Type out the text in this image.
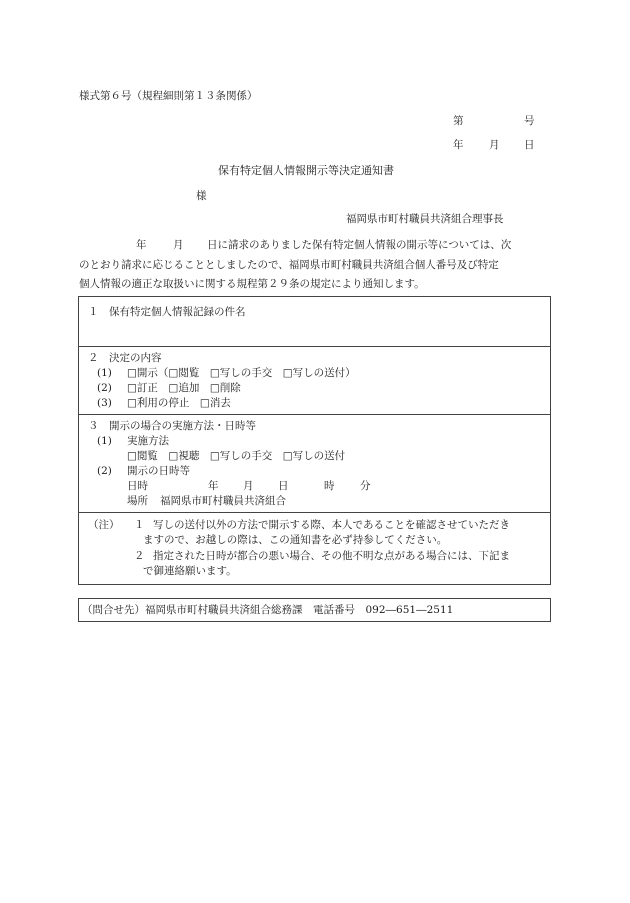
様式第６号（規程細則第１３条関係）
第	号
年 月 日
保有特定個人情報開示等決定通知書
様
福岡県市町村職員共済組合理事長
年	月 日に請求のありました保有特定個人情報の開示等については、次
のとおり請求に応じることとしましたので、福岡県市町村職員共済組合個人番号及び特定
個人情報の適正な取扱いに関する規程第２９条の規定により通知します。
１　保有特定個人情報記録の件名
２　決定の内容
(1) □開示（□閲覧　□写しの手交　□写しの送付）
(2) □訂正　□追加　□削除
(3) □利用の停止　□消去
３　開示の場合の実施方法・日時等
(1) 実施方法
□閲覧　□視聴　□写しの手交　□写しの送付
(2) 開示の日時等
日時	年 月 日	時 分
場所 福岡県市町村職員共済組合
（注） １ 写しの送付以外の方法で開示する際、本人であることを確認させていただき
ますので、お越しの際は、この通知書を必ず持参してください。
２ 指定された日時が都合の悪い場合、その他不明な点がある場合には、下記ま
で御連絡願います。
（問合せ先）福岡県市町村職員共済組合総務課　電話番号　092―651―2511
